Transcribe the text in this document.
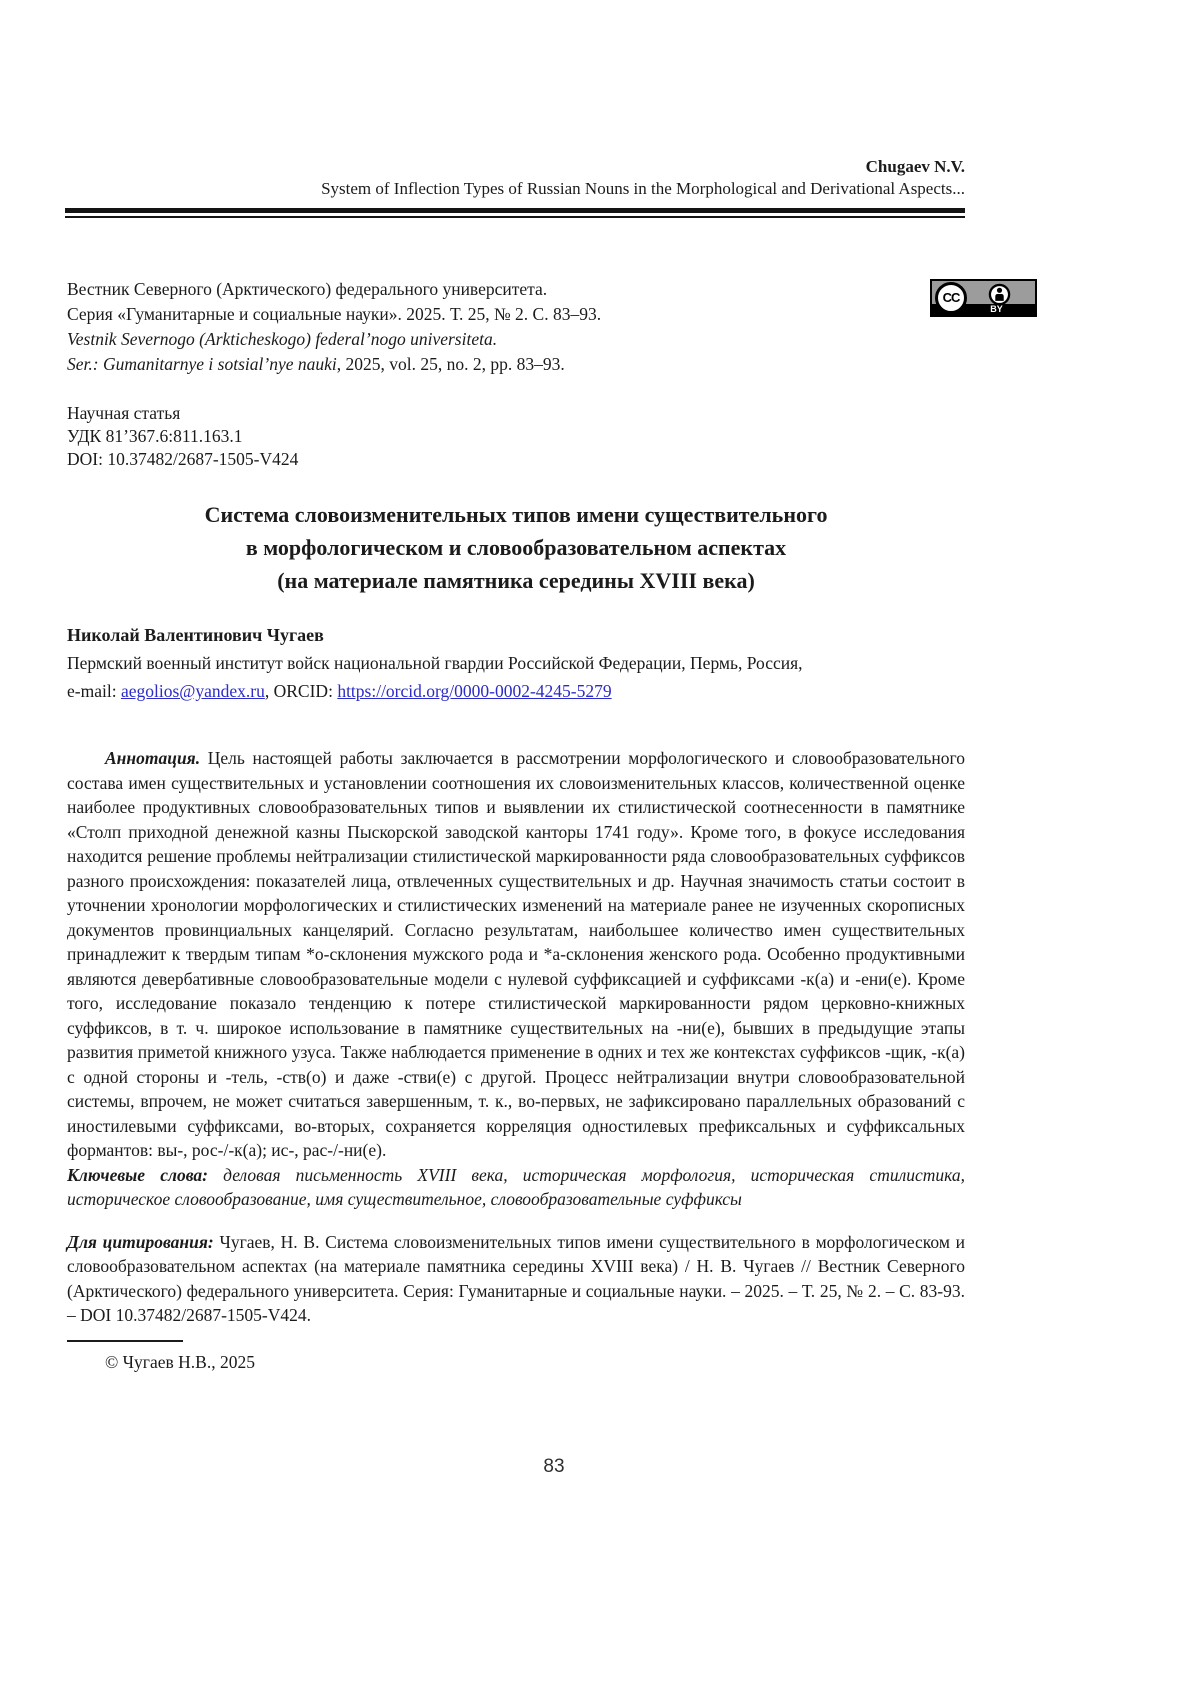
Chugaev N.V.
System of Inflection Types of Russian Nouns in the Morphological and Derivational Aspects...
Вестник Северного (Арктического) федерального университета.
Серия «Гуманитарные и социальные науки». 2025. Т. 25, № 2. С. 83–93.
Vestnik Severnogo (Arkticheskogo) federal’nogo universiteta.
Ser.: Gumanitarnye i sotsial’nye nauki, 2025, vol. 25, no. 2, pp. 83–93.
BY
CC
Научная статья
УДК 81’367.6:811.163.1
DOI: 10.37482/2687-1505-V424
Система словоизменительных типов имени существительного
в морфологическом и словообразовательном аспектах
(на материале памятника середины XVIII века)
Николай Валентинович Чугаев
Пермский военный институт войск национальной гвардии Российской Федерации, Пермь, Россия,
e-mail: aegolios@yandex.ru, ORCID: https://orcid.org/0000-0002-4245-5279

Аннотация. Цель настоящей работы заключается в рассмотрении морфологического и словообразовательного состава имен существительных и установлении соотношения их словоизменительных классов, количественной оценке наиболее продуктивных словообразовательных типов и выявлении их стилистической соотнесенности в памятнике «Столп приходной денежной казны Пыскорской заводской канторы 1741 году». Кроме того, в фокусе исследования находится решение проблемы нейтрализации стилистической маркированности ряда словообразовательных суффиксов разного происхождения: показателей лица, отвлеченных существительных и др. Научная значимость статьи состоит в уточнении хронологии морфологических и стилистических изменений на материале ранее не изученных скорописных документов провинциальных канцелярий. Согласно результатам, наибольшее количество имен существительных принадлежит к твердым типам *о-склонения мужского рода и *а-склонения женского рода. Особенно продуктивными являются девербативные словообразовательные модели с нулевой суффиксацией и суффиксами -к(а) и -ени(е). Кроме того, исследование показало тенденцию к потере стилистической маркированности рядом церковно-книжных суффиксов, в т. ч. широкое использование в памятнике существительных на -ни(е), бывших в предыдущие этапы развития приметой книжного узуса. Также наблюдается применение в одних и тех же контекстах суффиксов -щик, -к(а) с одной стороны и -тель, -ств(о) и даже -стви(е) с другой. Процесс нейтрализации внутри словообразовательной системы, впрочем, не может считаться завершенным, т. к., во-первых, не зафиксировано параллельных образований с иностилевыми суффиксами, во-вторых, сохраняется корреляция одностилевых префиксальных и суффиксальных формантов: вы-, рос-/-к(а); ис-, рас-/-ни(е).

Ключевые слова: деловая письменность XVIII века, историческая морфология, историческая стилистика, историческое словообразование, имя существительное, словообразовательные суффиксы

Для цитирования: Чугаев, Н. В. Система словоизменительных типов имени существительного в морфологическом и словообразовательном аспектах (на материале памятника середины XVIII века) / Н. В. Чугаев // Вестник Северного (Арктического) федерального университета. Серия: Гуманитарные и социальные науки. – 2025. – Т. 25, № 2. – С. 83-93. – DOI 10.37482/2687-1505-V424.

© Чугаев Н.В., 2025

83
